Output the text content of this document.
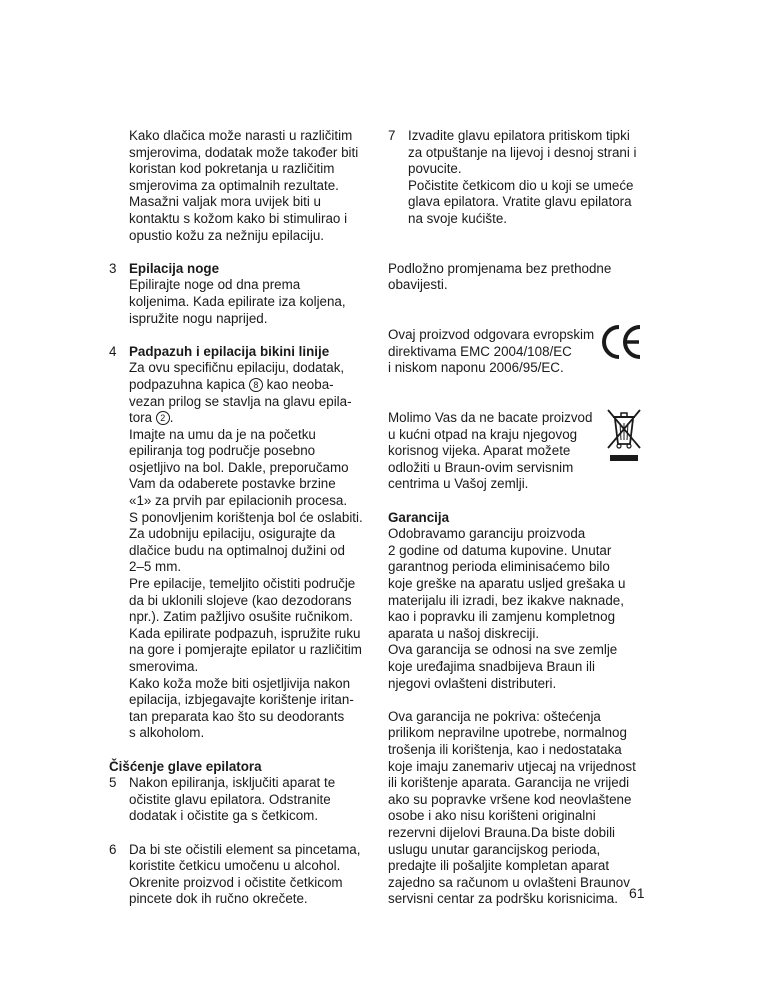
Kako dlačica može narasti u različitim
smjerovima, dodatak može također biti
koristan kod pokretanja u različitim
smjerovima za optimalnih rezultate.
Masažni valjak mora uvijek biti u
kontaktu s kožom kako bi stimulirao i
opustio kožu za nežniju epilaciju.
3 Epilacija noge
Epilirajte noge od dna prema
koljenima. Kada epilirate iza koljena,
ispružite nogu naprijed.
4 Padpazuh i epilacija bikini linije
Za ovu specifičnu epilaciju, dodatak,
podpazuhna kapica 8 kao neoba-
vezan prilog se stavlja na glavu epila-
tora 2 .
Imajte na umu da je na početku
epiliranja tog područje posebno
osjetljivo na bol. Dakle, preporučamo
Vam da odaberete postavke brzine
«1» za prvih par epilacionih procesa.
S ponovljenim korištenja bol će oslabiti.
Za udobniju epilaciju, osigurajte da
dlačice budu na optimalnoj dužini od
2–5 mm.
Pre epilacije, temeljito očistiti područje
da bi uklonili slojeve (kao dezodorans
npr.). Zatim pažljivo osušite ručnikom.
Kada epilirate podpazuh, ispružite ruku
na gore i pomjerajte epilator u različitim
smerovima.
Kako koža može biti osjetljivija nakon
epilacija, izbjegavajte korištenje iritan-
tan preparata kao što su deodorants
s alkoholom.
Čišćenje glave epilatora
5 Nakon epiliranja, isključiti aparat te
očistite glavu epilatora. Odstranite
dodatak i očistite ga s četkicom.
6 Da bi ste očistili element sa pincetama,
koristite četkicu umočenu u alcohol.
Okrenite proizvod i očistite četkicom
pincete dok ih ručno okrečete.
7 Izvadite glavu epilatora pritiskom tipki
za otpuštanje na lijevoj i desnoj strani i
povucite.
Počistite četkicom dio u koji se umeće
glava epilatora. Vratite glavu epilatora
na svoje kućište.
Podložno promjenama bez prethodne
obavijesti.
Ovaj proizvod odgovara evropskim
direktivama EMC 2004/108/EC
i niskom naponu 2006/95/EC.
Molimo Vas da ne bacate proizvod
u kućni otpad na kraju njegovog
korisnog vijeka. Aparat možete
odložiti u Braun-ovim servisnim
centrima u Vašoj zemlji.
Garancija
Odobravamo garanciju proizvoda
2 godine od datuma kupovine. Unutar
garantnog perioda eliminisaćemo bilo
koje greške na aparatu usljed grešaka u
materijalu ili izradi, bez ikakve naknade,
kao i popravku ili zamjenu kompletnog
aparata u našoj diskreciji.
Ova garancija se odnosi na sve zemlje
koje uređajima snadbijeva Braun ili
njegovi ovlašteni distributeri.
Ova garancija ne pokriva: oštećenja
prilikom nepravilne upotrebe, normalnog
trošenja ili korištenja, kao i nedostataka
koje imaju zanemariv utjecaj na vrijednost
ili korištenje aparata. Garancija ne vrijedi
ako su popravke vršene kod neovlaštene
osobe i ako nisu korišteni originalni
rezervni dijelovi Brauna.Da biste dobili
uslugu unutar garancijskog perioda,
predajte ili pošaljite kompletan aparat
zajedno sa računom u ovlašteni Braunov
servisni centar za podršku korisnicima. 61
